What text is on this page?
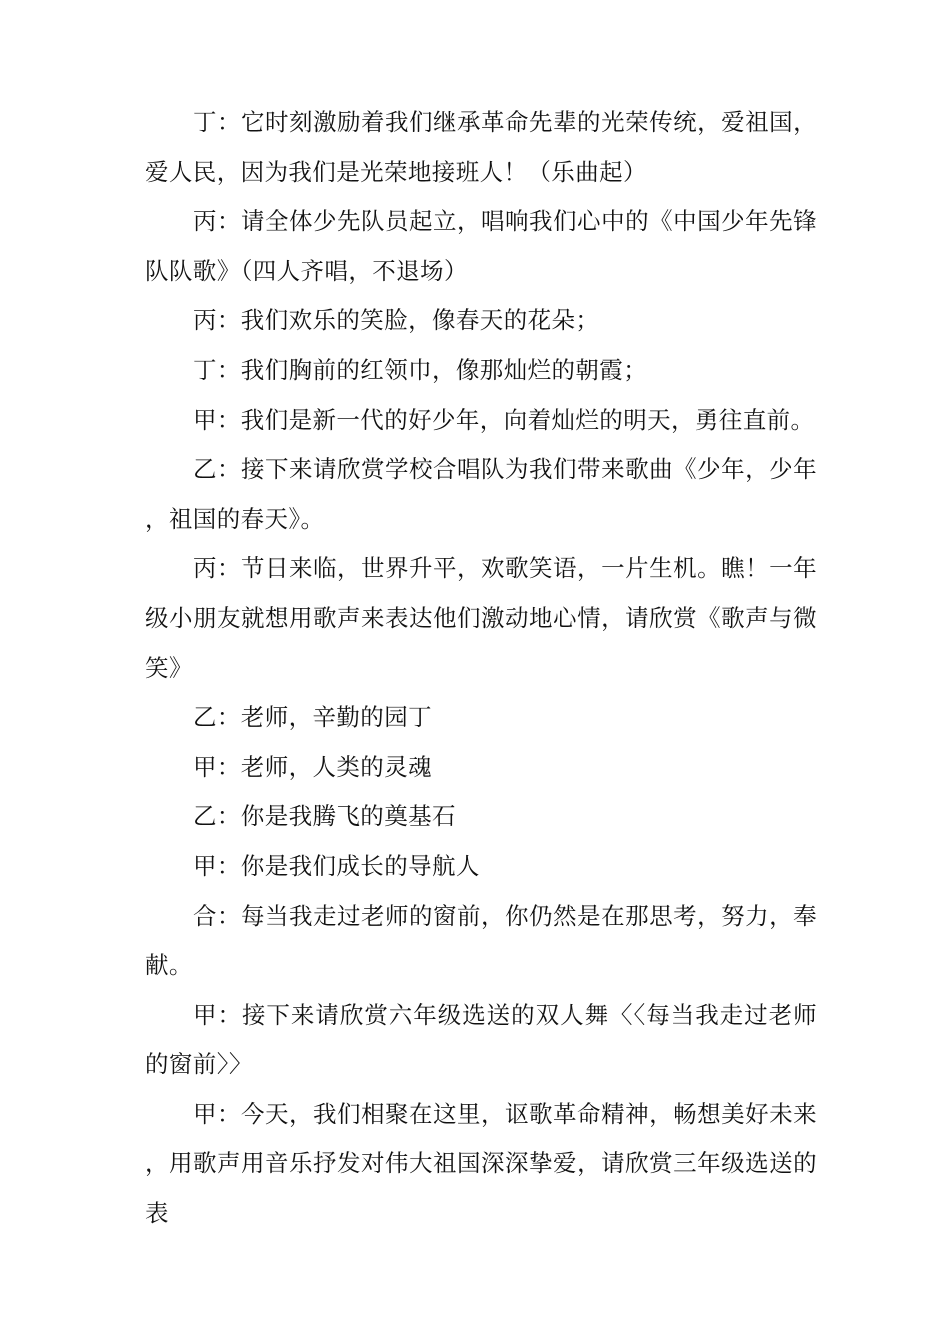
丁：它时刻激励着我们继承革命先辈的光荣传统，爱祖国，爱人民，因为我们是光荣地接班人！（乐曲起）

丙：请全体少先队员起立，唱响我们心中的《中国少年先锋队队歌》（四人齐唱，不退场）

丙：我们欢乐的笑脸，像春天的花朵；

丁：我们胸前的红领巾，像那灿烂的朝霞；

甲：我们是新一代的好少年，向着灿烂的明天，勇往直前。

乙：接下来请欣赏学校合唱队为我们带来歌曲《少年，少年，祖国的春天》。

丙：节日来临，世界升平，欢歌笑语，一片生机。瞧！一年级小朋友就想用歌声来表达他们激动地心情，请欣赏《歌声与微笑》

乙：老师，辛勤的园丁

甲：老师，人类的灵魂

乙：你是我腾飞的奠基石

甲：你是我们成长的导航人

合：每当我走过老师的窗前，你仍然是在那思考，努力，奉献。

甲：接下来请欣赏六年级选送的双人舞〈〈每当我走过老师的窗前〉〉

甲：今天，我们相聚在这里，讴歌革命精神，畅想美好未来，用歌声用音乐抒发对伟大祖国深深挚爱，请欣赏三年级选送的表
